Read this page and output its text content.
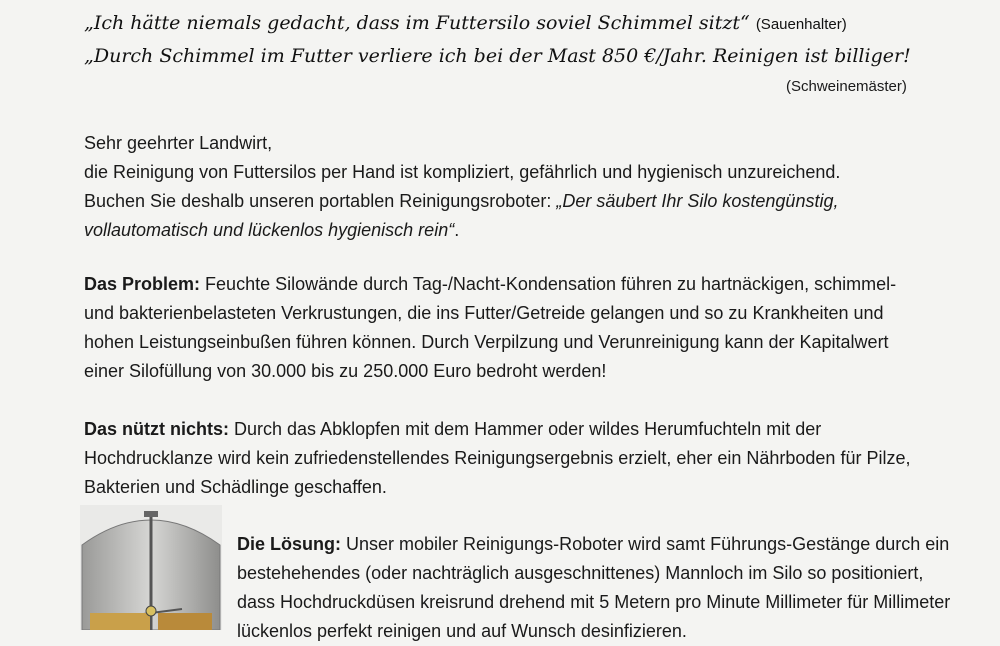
„Ich hätte niemals gedacht, dass im Futtersilo soviel Schimmel sitzt“ (Sauenhalter)
„Durch Schimmel im Futter verliere ich bei der Mast 850 €/Jahr. Reinigen ist billiger!
(Schweinemäster)

Sehr geehrter Landwirt,

die Reinigung von Futtersilos per Hand ist kompliziert, gefährlich und hygienisch unzureichend.

Buchen Sie deshalb unseren portablen Reinigungsroboter: „Der säubert Ihr Silo kostengünstig,

vollautomatisch und lückenlos hygienisch rein“.

Das Problem: Feuchte Silowände durch Tag-/Nacht-Kondensation führen zu hartnäckigen, schimmel- und bakterienbelasteten Verkrustungen, die ins Futter/Getreide gelangen und so zu Krankheiten und hohen Leistungseinbußen führen können. Durch Verpilzung und Verunreinigung kann der Kapitalwert einer Silofüllung von 30.000 bis zu 250.000 Euro bedroht werden!

Das nützt nichts: Durch das Abklopfen mit dem Hammer oder wildes Herumfuchteln mit der Hochdrucklanze wird kein zufriedenstellendes Reinigungsergebnis erzielt, eher ein Nährboden für Pilze, Bakterien und Schädlinge geschaffen.

Die Lösung: Unser mobiler Reinigungs-Roboter wird samt Führungs-Gestänge durch ein bestehehendes (oder nachträglich ausgeschnittenes) Mannloch im Silo so positioniert, dass Hochdruckdüsen kreisrund drehend mit 5 Metern pro Minute Millimeter für Millimeter lückenlos perfekt reinigen und auf Wunsch desinfizieren.
